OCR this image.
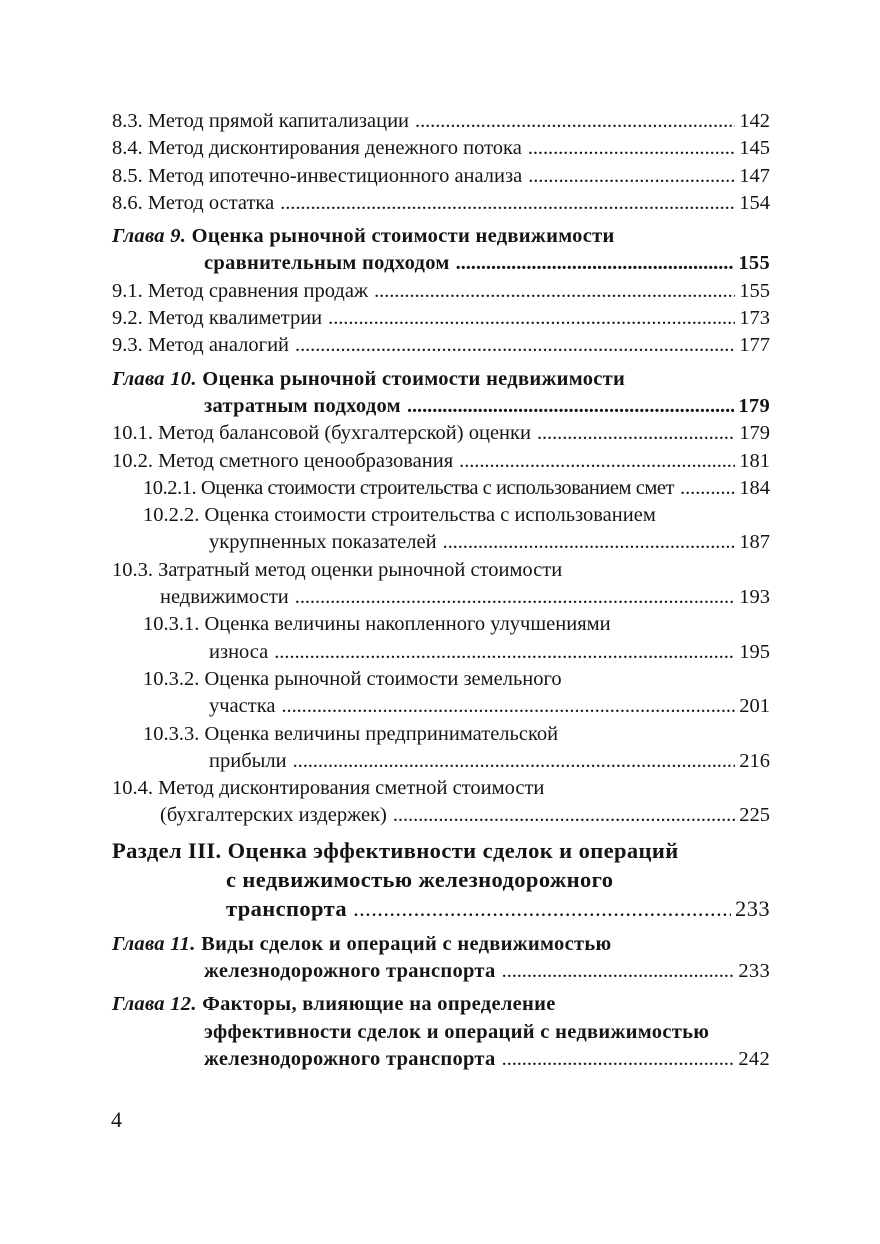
8.3. Метод прямой капитализации . . .	142
8.4. Метод дисконтирования денежного потока . . .	145
8.5. Метод ипотечно-инвестиционного анализа . . .	147
8.6. Метод остатка . . .	154
Глава 9. Оценка рыночной стоимости недвижимости
сравнительным подходом . . .	155
9.1. Метод сравнения продаж . . .	155
9.2. Метод квалиметрии . . .	173
9.3. Метод аналогий . . .	177
Глава 10. Оценка рыночной стоимости недвижимости
затратным подходом . . .	179
10.1. Метод балансовой (бухгалтерской) оценки . . .	179
10.2. Метод сметного ценообразования . . .	181
10.2.1. Оценка стоимости строительства с использованием смет . . .	184
10.2.2. Оценка стоимости строительства с использованием
укрупненных показателей . . .	187
10.3. Затратный метод оценки рыночной стоимости
недвижимости . . .	193
10.3.1. Оценка величины накопленного улучшениями
износа . . .	195
10.3.2. Оценка рыночной стоимости земельного
участка . . .	201
10.3.3. Оценка величины предпринимательской
прибыли . . .	216
10.4. Метод дисконтирования сметной стоимости
(бухгалтерских издержек) . . .	225
Раздел III. Оценка эффективности сделок и операций
с недвижимостью железнодорожного
транспорта . . .	233
Глава 11. Виды сделок и операций с недвижимостью
железнодорожного транспорта . . .	233
Глава 12. Факторы, влияющие на определение
эффективности сделок и операций с недвижимостью
железнодорожного транспорта . . .	242
4
